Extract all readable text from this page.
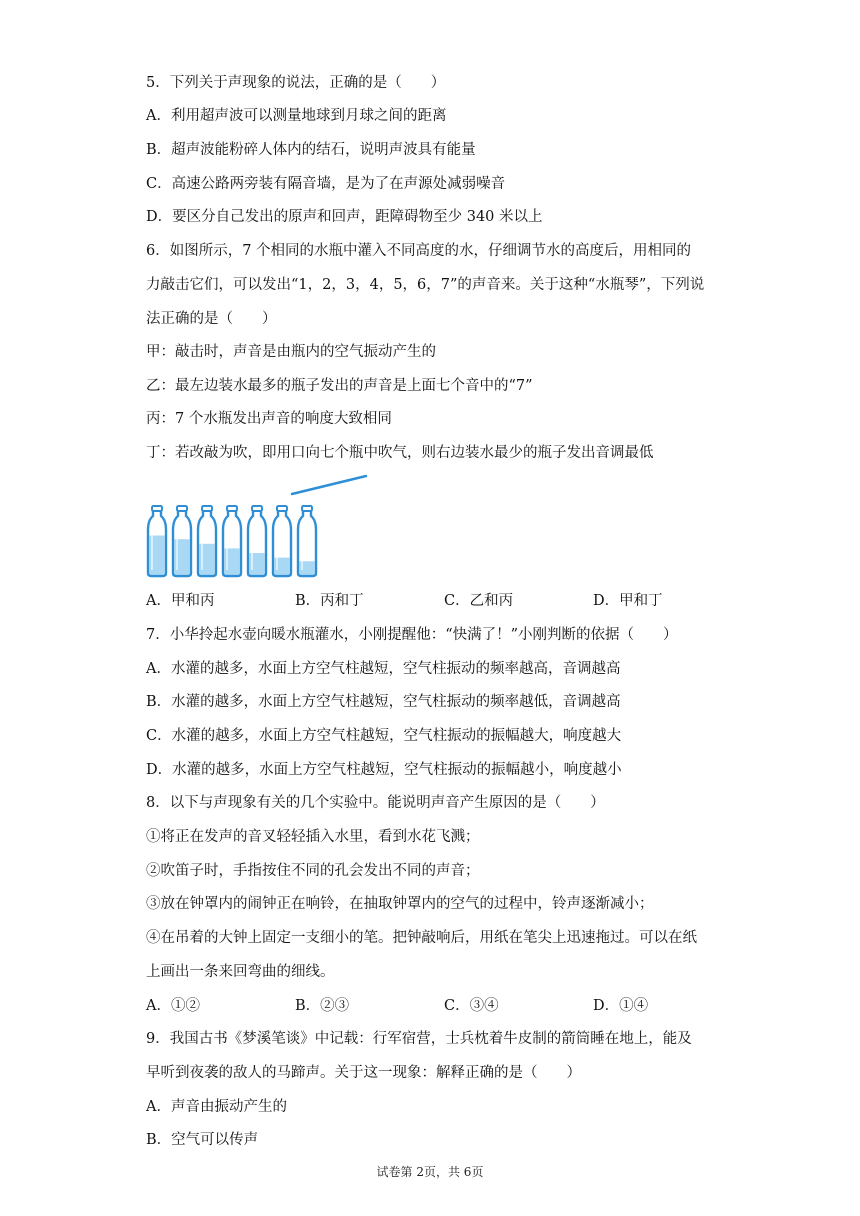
5．下列关于声现象的说法，正确的是（　　）
A．利用超声波可以测量地球到月球之间的距离
B．超声波能粉碎人体内的结石，说明声波具有能量
C．高速公路两旁装有隔音墙，是为了在声源处减弱噪音
D．要区分自己发出的原声和回声，距障碍物至少 340 米以上
6．如图所示，7 个相同的水瓶中灌入不同高度的水，仔细调节水的高度后，用相同的
力敲击它们，可以发出“1，2，3，4，5，6，7”的声音来。关于这种“水瓶琴”，下列说
法正确的是（　　）
甲：敲击时，声音是由瓶内的空气振动产生的
乙：最左边装水最多的瓶子发出的声音是上面七个音中的“7”
丙：7 个水瓶发出声音的响度大致相同
丁：若改敲为吹，即用口向七个瓶中吹气，则右边装水最少的瓶子发出音调最低
A．甲和丙	B．丙和丁	C．乙和丙	D．甲和丁
7．小华拎起水壶向暖水瓶灌水，小刚提醒他：“快满了！”小刚判断的依据（　　）
A．水灌的越多，水面上方空气柱越短，空气柱振动的频率越高，音调越高
B．水灌的越多，水面上方空气柱越短，空气柱振动的频率越低，音调越高
C．水灌的越多，水面上方空气柱越短，空气柱振动的振幅越大，响度越大
D．水灌的越多，水面上方空气柱越短，空气柱振动的振幅越小，响度越小
8．以下与声现象有关的几个实验中。能说明声音产生原因的是（　　）
①将正在发声的音叉轻轻插入水里，看到水花飞溅；
②吹笛子时，手指按住不同的孔会发出不同的声音；
③放在钟罩内的闹钟正在响铃，在抽取钟罩内的空气的过程中，铃声逐渐减小；
④在吊着的大钟上固定一支细小的笔。把钟敲响后，用纸在笔尖上迅速拖过。可以在纸
上画出一条来回弯曲的细线。
A．①②	B．②③	C．③④	D．①④
9．我国古书《梦溪笔谈》中记载：行军宿营，士兵枕着牛皮制的箭筒睡在地上，能及
早听到夜袭的敌人的马蹄声。关于这一现象：解释正确的是（　　）
A．声音由振动产生的
B．空气可以传声
试卷第 2页，共 6页
